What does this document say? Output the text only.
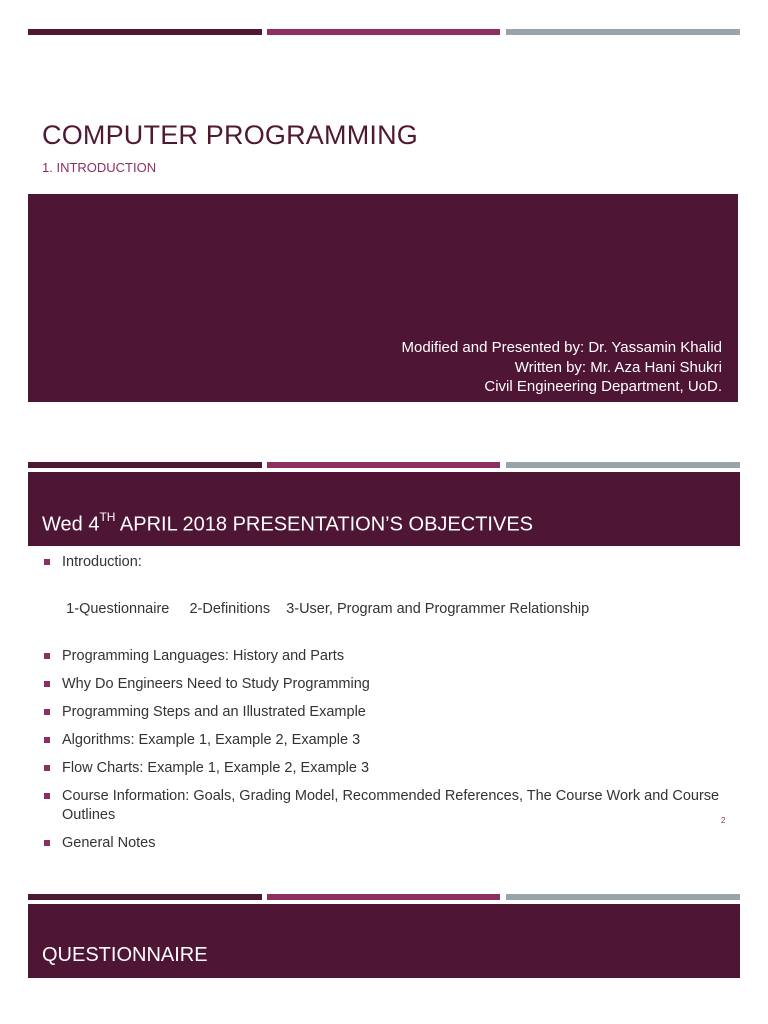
COMPUTER PROGRAMMING
1. INTRODUCTION
Modified and Presented by: Dr. Yassamin Khalid
Written by: Mr. Aza Hani Shukri
Civil Engineering Department, UoD.
Wed 4TH APRIL 2018 PRESENTATION’S OBJECTIVES
Introduction:

1-Questionnaire     2-Definitions    3-User, Program and Programmer Relationship

Programming Languages: History and Parts
Why Do Engineers Need to Study Programming
Programming Steps and an Illustrated Example
Algorithms: Example 1, Example 2, Example 3
Flow Charts: Example 1, Example 2, Example 3
Course Information: Goals, Grading Model, Recommended References, The Course Work and Course Outlines
General Notes
2
QUESTIONNAIRE
